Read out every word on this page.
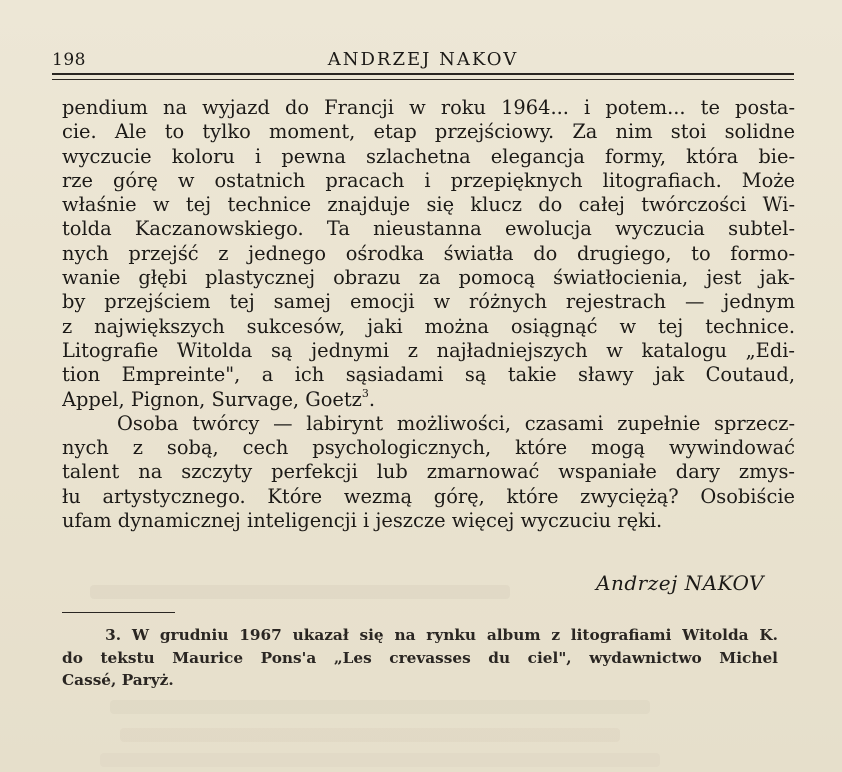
198	ANDRZEJ NAKOV
pendium na wyjazd do Francji w roku 1964... i potem... te posta-
cie. Ale to tylko moment, etap przejściowy. Za nim stoi solidne
wyczucie koloru i pewna szlachetna elegancja formy, która bie-
rze górę w ostatnich pracach i przepięknych litografiach. Może
właśnie w tej technice znajduje się klucz do całej twórczości Wi-
tolda Kaczanowskiego. Ta nieustanna ewolucja wyczucia subtel-
nych przejść z jednego ośrodka światła do drugiego, to formo-
wanie głębi plastycznej obrazu za pomocą światłocienia, jest jak-
by przejściem tej samej emocji w różnych rejestrach — jednym
z największych sukcesów, jaki można osiągnąć w tej technice.
Litografie Witolda są jednymi z najładniejszych w katalogu „Edi-
tion Empreinte", a ich sąsiadami są takie sławy jak Coutaud,
Appel, Pignon, Survage, Goetz$^3$.
Osoba twórcy — labirynt możliwości, czasami zupełnie sprzecz-
nych z sobą, cech psychologicznych, które mogą wywindować
talent na szczyty perfekcji lub zmarnować wspaniałe dary zmys-
łu artystycznego. Które wezmą górę, które zwyciężą? Osobiście
ufam dynamicznej inteligencji i jeszcze więcej wyczuciu ręki.
Andrzej NAKOV
3. W grudniu 1967 ukazał się na rynku album z litografiami Witolda K.
do tekstu Maurice Pons'a „Les crevasses du ciel", wydawnictwo Michel
Cassé, Paryż.
